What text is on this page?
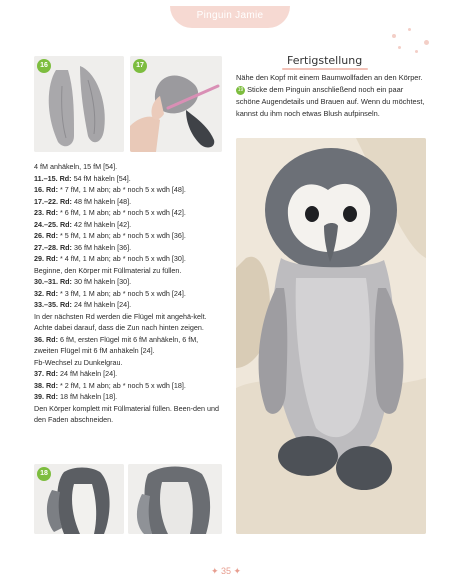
Pinguin Jamie
16	17	Fertigstellung
Nähe den Kopf mit einem Baumwollfaden an den Körper. 19 Sticke dem Pinguin anschließend noch ein paar schöne Augendetails und Brauen auf. Wenn du möchtest, kannst du ihm noch etwas Blush aufpinseln.
4 fM anhäkeln, 15 fM [54].
11.–15. Rd: 54 fM häkeln [54].
16. Rd: * 7 fM, 1 M abn; ab * noch 5 x wdh [48].
17.–22. Rd: 48 fM häkeln [48].
23. Rd: * 6 fM, 1 M abn; ab * noch 5 x wdh [42].
24.–25. Rd: 42 fM häkeln [42].
26. Rd: * 5 fM, 1 M abn; ab * noch 5 x wdh [36].
27.–28. Rd: 36 fM häkeln [36].
29. Rd: * 4 fM, 1 M abn; ab * noch 5 x wdh [30].
Beginne, den Körper mit Füllmaterial zu füllen.
30.–31. Rd: 30 fM häkeln [30].
32. Rd: * 3 fM, 1 M abn; ab * noch 5 x wdh [24].
33.–35. Rd: 24 fM häkeln [24].
In der nächsten Rd werden die Flügel mit angehä-kelt. Achte dabei darauf, dass die Zun nach hinten zeigen.
36. Rd: 6 fM, ersten Flügel mit 6 fM anhäkeln, 6 fM, zweiten Flügel mit 6 fM anhäkeln [24].
Fb-Wechsel zu Dunkelgrau.
37. Rd: 24 fM häkeln [24].
38. Rd: * 2 fM, 1 M abn; ab * noch 5 x wdh [18].
39. Rd: 18 fM häkeln [18].
Den Körper komplett mit Füllmaterial füllen. Been-den und den Faden abschneiden.
18
✦ 35 ✦
